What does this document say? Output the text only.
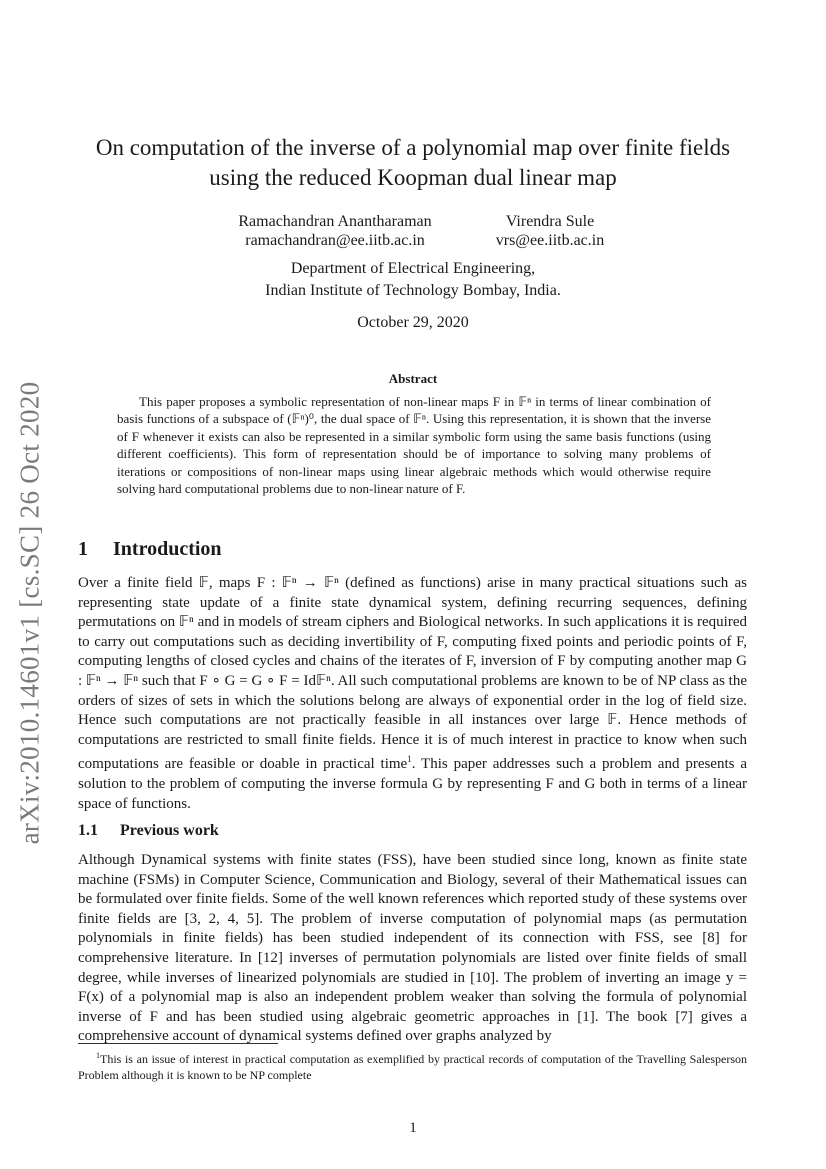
arXiv:2010.14601v1 [cs.SC] 26 Oct 2020
On computation of the inverse of a polynomial map over finite fields
using the reduced Koopman dual linear map
Ramachandran Anantharaman
ramachandran@ee.iitb.ac.in
Virendra Sule
vrs@ee.iitb.ac.in
Department of Electrical Engineering,
Indian Institute of Technology Bombay, India.
October 29, 2020
Abstract
This paper proposes a symbolic representation of non-linear maps F in 𝔽ⁿ in terms of linear combination of basis functions of a subspace of (𝔽ⁿ)⁰, the dual space of 𝔽ⁿ. Using this representation, it is shown that the inverse of F whenever it exists can also be represented in a similar symbolic form using the same basis functions (using different coefficients). This form of representation should be of importance to solving many problems of iterations or compositions of non-linear maps using linear algebraic methods which would otherwise require solving hard computational problems due to non-linear nature of F.
1 Introduction
Over a finite field 𝔽, maps F : 𝔽ⁿ → 𝔽ⁿ (defined as functions) arise in many practical situations such as representing state update of a finite state dynamical system, defining recurring sequences, defining permutations on 𝔽ⁿ and in models of stream ciphers and Biological networks. In such applications it is required to carry out computations such as deciding invertibility of F, computing fixed points and periodic points of F, computing lengths of closed cycles and chains of the iterates of F, inversion of F by computing another map G : 𝔽ⁿ → 𝔽ⁿ such that F ∘ G = G ∘ F = Id𝔽ⁿ. All such computational problems are known to be of NP class as the orders of sizes of sets in which the solutions belong are always of exponential order in the log of field size. Hence such computations are not practically feasible in all instances over large 𝔽. Hence methods of computations are restricted to small finite fields. Hence it is of much interest in practice to know when such computations are feasible or doable in practical time$^1$. This paper addresses such a problem and presents a solution to the problem of computing the inverse formula G by representing F and G both in terms of a linear space of functions.
1.1 Previous work
Although Dynamical systems with finite states (FSS), have been studied since long, known as finite state machine (FSMs) in Computer Science, Communication and Biology, several of their Mathematical issues can be formulated over finite fields. Some of the well known references which reported study of these systems over finite fields are [3, 2, 4, 5]. The problem of inverse computation of polynomial maps (as permutation polynomials in finite fields) has been studied independent of its connection with FSS, see [8] for comprehensive literature. In [12] inverses of permutation polynomials are listed over finite fields of small degree, while inverses of linearized polynomials are studied in [10]. The problem of inverting an image y = F(x) of a polynomial map is also an independent problem weaker than solving the formula of polynomial inverse of F and has been studied using algebraic geometric approaches in [1]. The book [7] gives a comprehensive account of dynamical systems defined over graphs analyzed by
$^1$This is an issue of interest in practical computation as exemplified by practical records of computation of the Travelling Salesperson Problem although it is known to be NP complete
1
